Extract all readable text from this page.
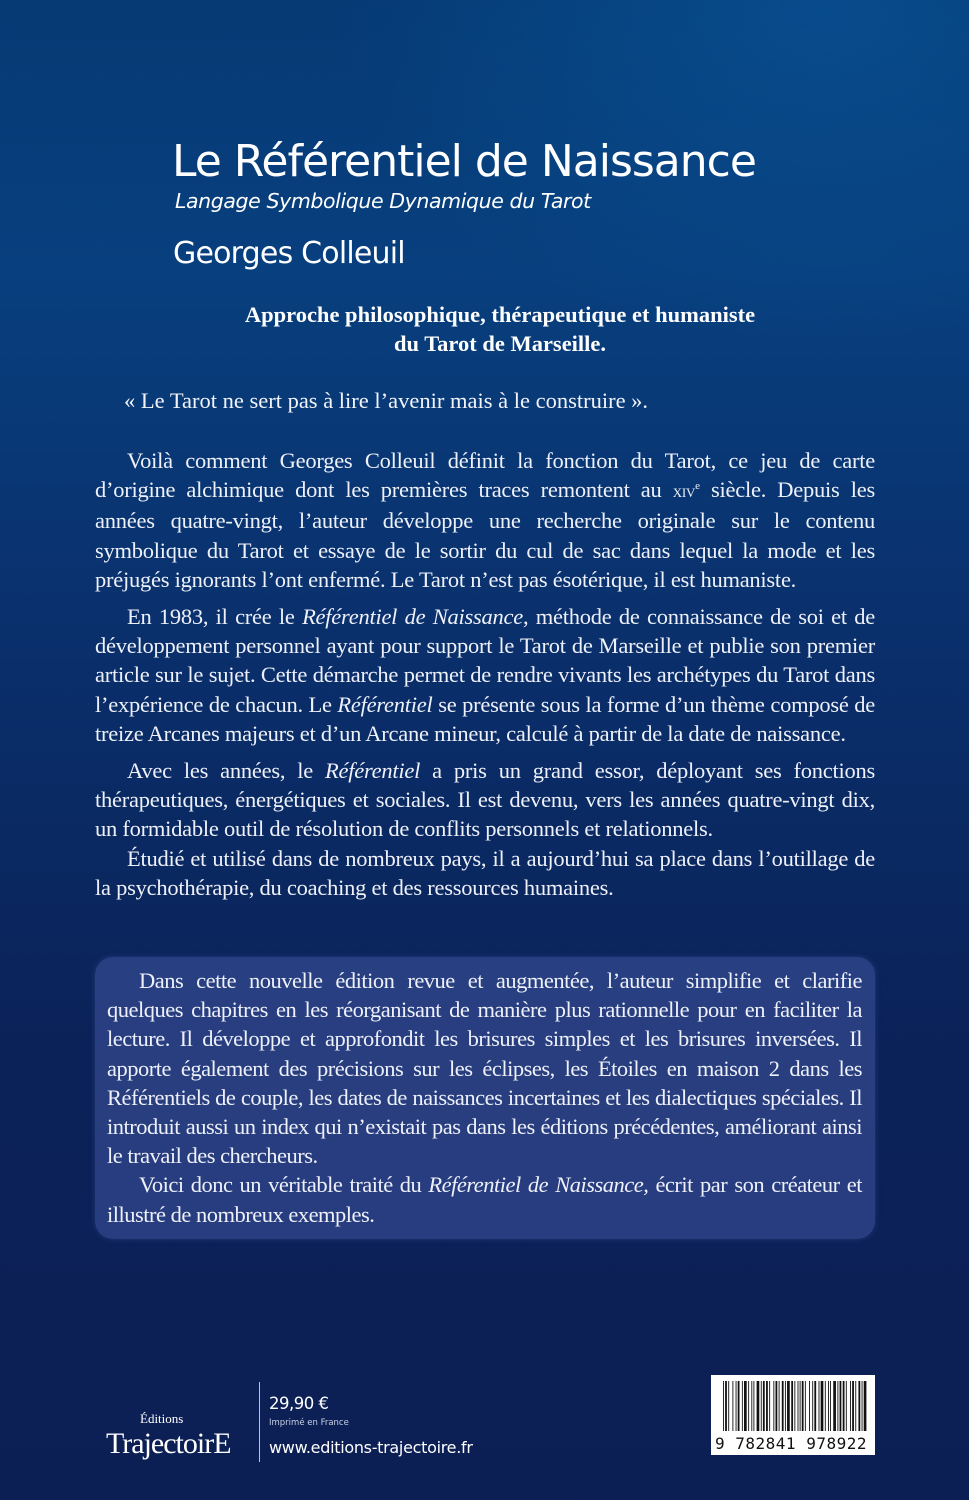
Le Référentiel de Naissance
Langage Symbolique Dynamique du Tarot
Georges Colleuil
Approche philosophique, thérapeutique et humaniste
du Tarot de Marseille.
« Le Tarot ne sert pas à lire l’avenir mais à le construire ».

Voilà comment Georges Colleuil définit la fonction du Tarot, ce jeu de carte d’origine alchimique dont les premières traces remontent au xiv$^e$ siècle. Depuis les années quatre-vingt, l’auteur développe une recherche originale sur le contenu symbolique du Tarot et essaye de le sortir du cul de sac dans lequel la mode et les préjugés ignorants l’ont enfermé. Le Tarot n’est pas ésotérique, il est humaniste.

En 1983, il crée le Référentiel de Naissance, méthode de connaissance de soi et de développement personnel ayant pour support le Tarot de Marseille et publie son premier article sur le sujet. Cette démarche permet de rendre vivants les archétypes du Tarot dans l’expérience de chacun. Le Référentiel se présente sous la forme d’un thème composé de treize Arcanes majeurs et d’un Arcane mineur, calculé à partir de la date de naissance.

Avec les années, le Référentiel a pris un grand essor, déployant ses fonctions thérapeutiques, énergétiques et sociales. Il est devenu, vers les années quatre-vingt dix, un formidable outil de résolution de conflits personnels et relationnels.

Étudié et utilisé dans de nombreux pays, il a aujourd’hui sa place dans l’outillage de la psychothérapie, du coaching et des ressources humaines.

Dans cette nouvelle édition revue et augmentée, l’auteur simplifie et clarifie quelques chapitres en les réorganisant de manière plus rationnelle pour en faciliter la lecture. Il développe et approfondit les brisures simples et les brisures inversées. Il apporte également des précisions sur les éclipses, les Étoiles en maison 2 dans les Référentiels de couple, les dates de naissances incertaines et les dialectiques spéciales. Il introduit aussi un index qui n’existait pas dans les éditions précédentes, améliorant ainsi le travail des chercheurs.

Voici donc un véritable traité du Référentiel de Naissance, écrit par son créateur et illustré de nombreux exemples.

Éditions
TrajectoirE
29,90 €
Imprimé en France
www.editions-trajectoire.fr	9 782841 978922
